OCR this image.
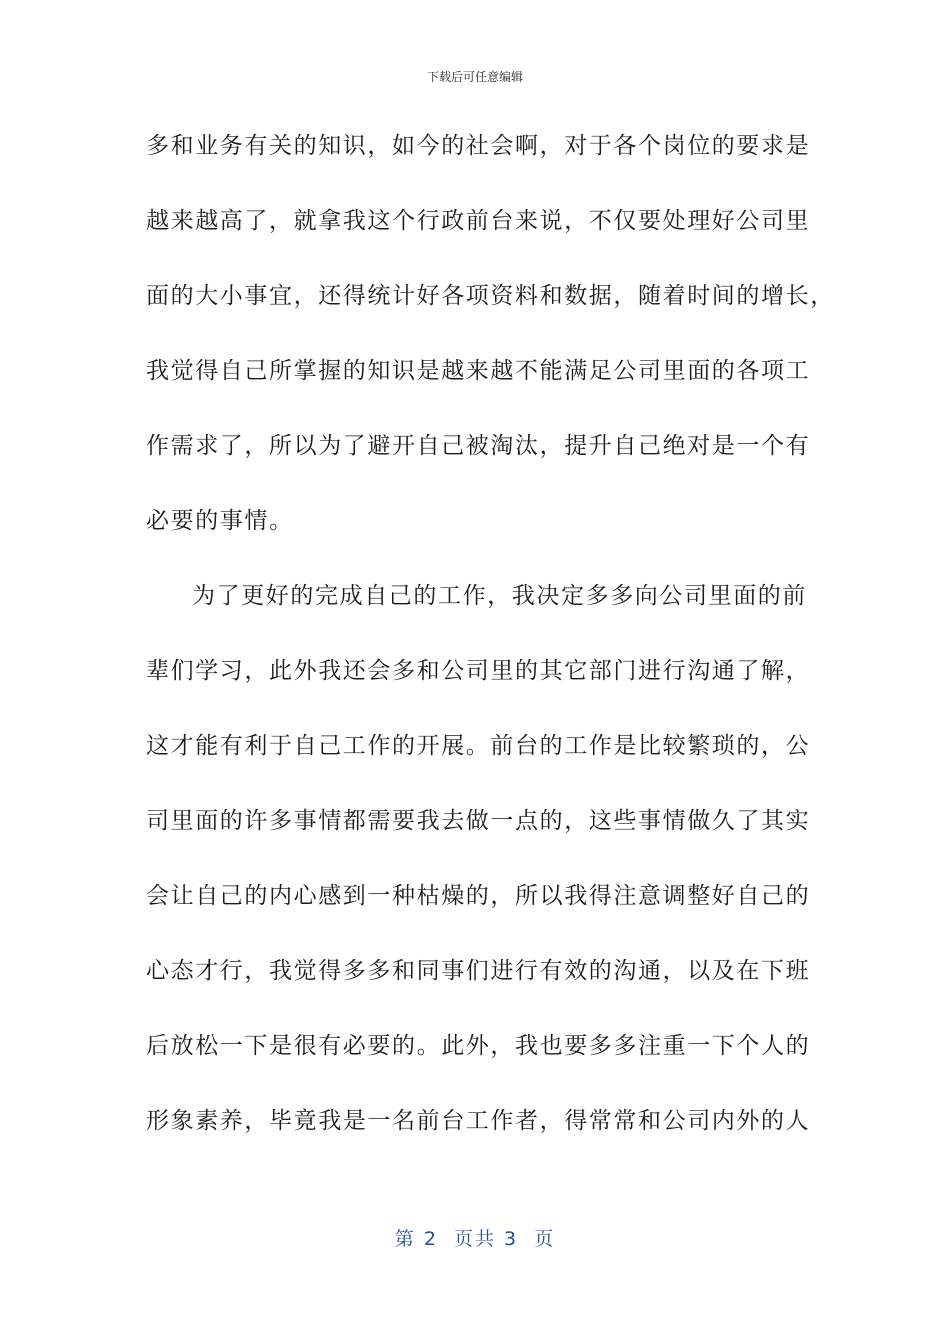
下载后可任意编辑
多和业务有关的知识，如今的社会啊，对于各个岗位的要求是
越来越高了，就拿我这个行政前台来说，不仅要处理好公司里
面的大小事宜，还得统计好各项资料和数据，随着时间的增长，
我觉得自己所掌握的知识是越来越不能满足公司里面的各项工
作需求了，所以为了避开自己被淘汰，提升自己绝对是一个有
必要的事情。
为了更好的完成自己的工作，我决定多多向公司里面的前
辈们学习，此外我还会多和公司里的其它部门进行沟通了解，
这才能有利于自己工作的开展。前台的工作是比较繁琐的，公
司里面的许多事情都需要我去做一点的，这些事情做久了其实
会让自己的内心感到一种枯燥的，所以我得注意调整好自己的
心态才行，我觉得多多和同事们进行有效的沟通，以及在下班
后放松一下是很有必要的。此外，我也要多多注重一下个人的
形象素养，毕竟我是一名前台工作者，得常常和公司内外的人
第 2  页共 3  页
